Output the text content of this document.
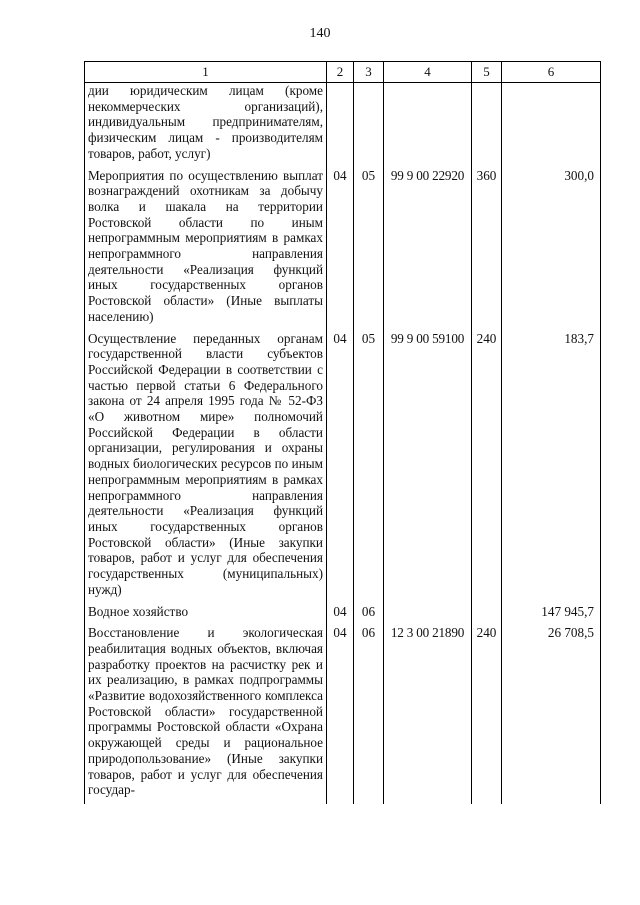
140
1	2	3	4	5	6
дии юридическим лицам (кроме некоммерческих организаций), индивидуальным предпринимателям, физическим лицам - производителям товаров, работ, услуг)					
Мероприятия по осуществлению выплат вознаграждений охотникам за добычу волка и шакала на территории Ростовской области по иным непрограммным мероприятиям в рамках непрограммного направления деятельности «Реализация функций иных государственных органов Ростовской области» (Иные выплаты населению)	04	05	99 9 00 22920	360	300,0
Осуществление переданных органам государственной власти субъектов Российской Федерации в соответствии с частью первой статьи 6 Федерального закона от 24 апреля 1995 года № 52-ФЗ «О животном мире» полномочий Российской Федерации в области организации, регулирования и охраны водных биологических ресурсов по иным непрограммным мероприятиям в рамках непрограммного направления деятельности «Реализация функций иных государственных органов Ростовской области» (Иные закупки товаров, работ и услуг для обеспечения государственных (муниципальных) нужд)	04	05	99 9 00 59100	240	183,7
Водное хозяйство	04	06			147 945,7
Восстановление и экологическая реабилитация водных объектов, включая разработку проектов на расчистку рек и их реализацию, в рамках подпрограммы «Развитие водохозяйственного комплекса Ростовской области» государственной программы Ростовской области «Охрана окружающей среды и рациональное природопользование» (Иные закупки товаров, работ и услуг для обеспечения государ-	04	06	12 3 00 21890	240	26 708,5
